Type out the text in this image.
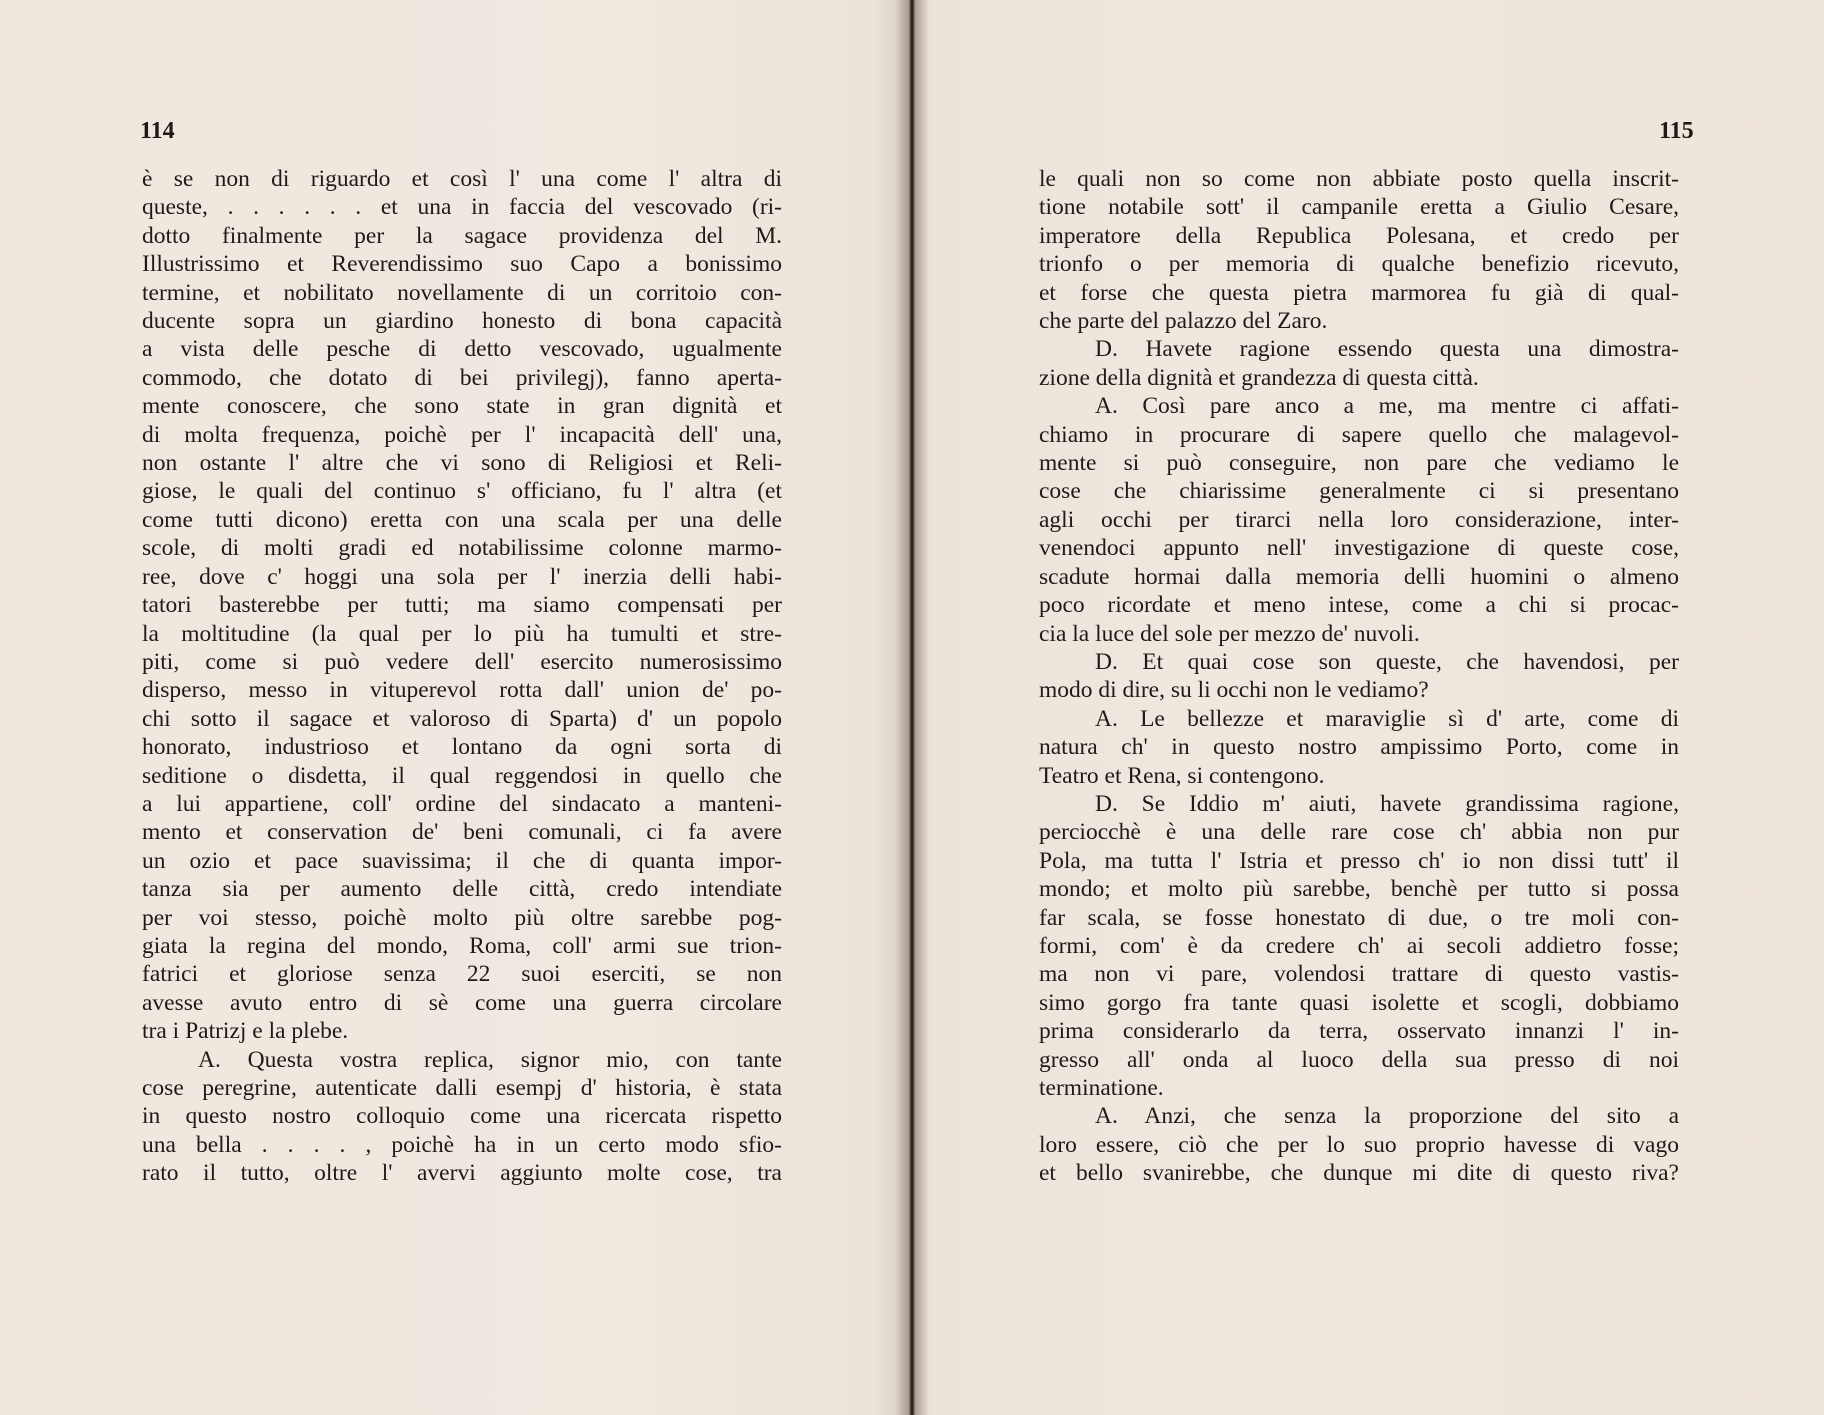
114
è se non di riguardo et così l' una come l' altra di
queste, . . . . . . et una in faccia del vescovado (ri-
dotto finalmente per la sagace providenza del M.
Illustrissimo et Reverendissimo suo Capo a bonissimo
termine, et nobilitato novellamente di un corritoio con-
ducente sopra un giardino honesto di bona capacità
a vista delle pesche di detto vescovado, ugualmente
commodo, che dotato di bei privilegj), fanno aperta-
mente conoscere, che sono state in gran dignità et
di molta frequenza, poichè per l' incapacità dell' una,
non ostante l' altre che vi sono di Religiosi et Reli-
giose, le quali del continuo s' officiano, fu l' altra (et
come tutti dicono) eretta con una scala per una delle
scole, di molti gradi ed notabilissime colonne marmo-
ree, dove c' hoggi una sola per l' inerzia delli habi-
tatori basterebbe per tutti; ma siamo compensati per
la moltitudine (la qual per lo più ha tumulti et stre-
piti, come si può vedere dell' esercito numerosissimo
disperso, messo in vituperevol rotta dall' union de' po-
chi sotto il sagace et valoroso di Sparta) d' un popolo
honorato, industrioso et lontano da ogni sorta di
seditione o disdetta, il qual reggendosi in quello che
a lui appartiene, coll' ordine del sindacato a manteni-
mento et conservation de' beni comunali, ci fa avere
un ozio et pace suavissima; il che di quanta impor-
tanza sia per aumento delle città, credo intendiate
per voi stesso, poichè molto più oltre sarebbe pog-
giata la regina del mondo, Roma, coll' armi sue trion-
fatrici et gloriose senza 22 suoi eserciti, se non
avesse avuto entro di sè come una guerra circolare
tra i Patrizj e la plebe.
A. Questa vostra replica, signor mio, con tante
cose peregrine, autenticate dalli esempj d' historia, è stata
in questo nostro colloquio come una ricercata rispetto
una bella . . . . , poichè ha in un certo modo sfio-
rato il tutto, oltre l' avervi aggiunto molte cose, tra
115
le quali non so come non abbiate posto quella inscrit-
tione notabile sott' il campanile eretta a Giulio Cesare,
imperatore della Republica Polesana, et credo per
trionfo o per memoria di qualche benefizio ricevuto,
et forse che questa pietra marmorea fu già di qual-
che parte del palazzo del Zaro.
D. Havete ragione essendo questa una dimostra-
zione della dignità et grandezza di questa città.
A. Così pare anco a me, ma mentre ci affati-
chiamo in procurare di sapere quello che malagevol-
mente si può conseguire, non pare che vediamo le
cose che chiarissime generalmente ci si presentano
agli occhi per tirarci nella loro considerazione, inter-
venendoci appunto nell' investigazione di queste cose,
scadute hormai dalla memoria delli huomini o almeno
poco ricordate et meno intese, come a chi si procac-
cia la luce del sole per mezzo de' nuvoli.
D. Et quai cose son queste, che havendosi, per
modo di dire, su li occhi non le vediamo?
A. Le bellezze et maraviglie sì d' arte, come di
natura ch' in questo nostro ampissimo Porto, come in
Teatro et Rena, si contengono.
D. Se Iddio m' aiuti, havete grandissima ragione,
perciocchè è una delle rare cose ch' abbia non pur
Pola, ma tutta l' Istria et presso ch' io non dissi tutt' il
mondo; et molto più sarebbe, benchè per tutto si possa
far scala, se fosse honestato di due, o tre moli con-
formi, com' è da credere ch' ai secoli addietro fosse;
ma non vi pare, volendosi trattare di questo vastis-
simo gorgo fra tante quasi isolette et scogli, dobbiamo
prima considerarlo da terra, osservato innanzi l' in-
gresso all' onda al luoco della sua presso di noi
terminatione.
A. Anzi, che senza la proporzione del sito a
loro essere, ciò che per lo suo proprio havesse di vago
et bello svanirebbe, che dunque mi dite di questo riva?
